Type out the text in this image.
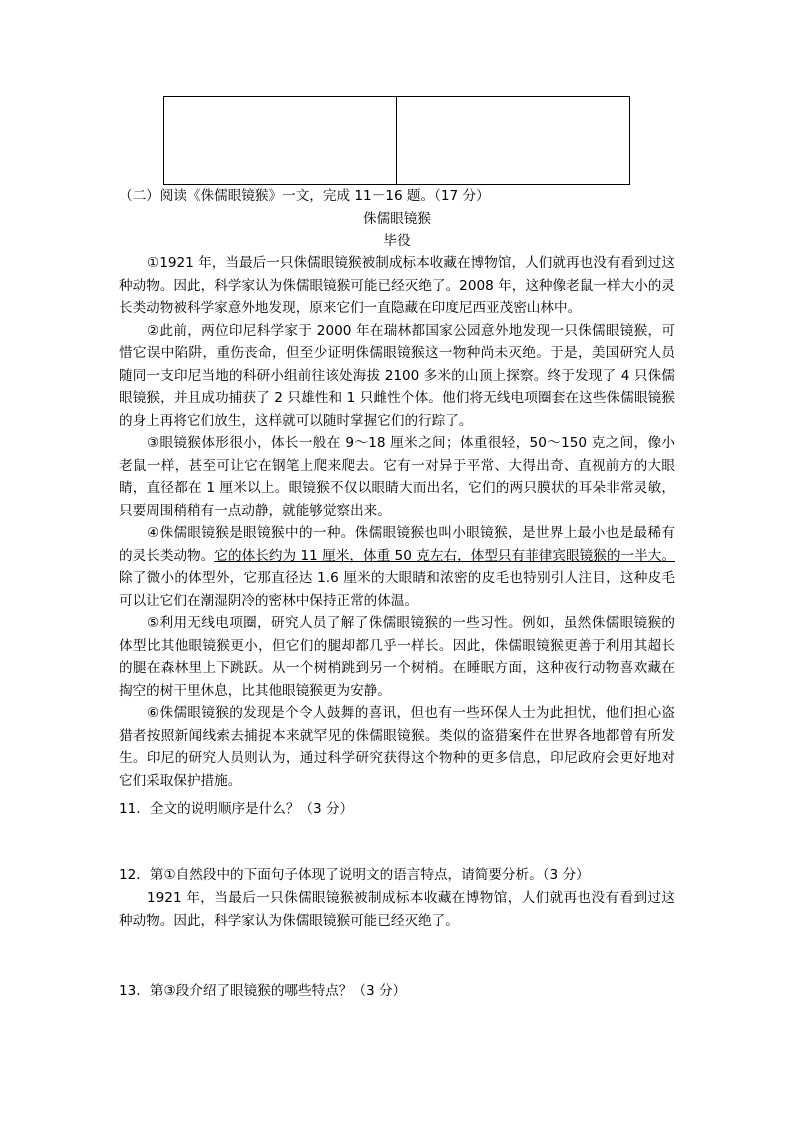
（二）阅读《侏儒眼镜猴》一文，完成 11－16 题。（17 分）
侏儒眼镜猴
毕役

①1921 年，当最后一只侏儒眼镜猴被制成标本收藏在博物馆，人们就再也没有看到过这种动物。因此，科学家认为侏儒眼镜猴可能已经灭绝了。2008 年，这种像老鼠一样大小的灵长类动物被科学家意外地发现，原来它们一直隐藏在印度尼西亚茂密山林中。

②此前，两位印尼科学家于 2000 年在瑞林都国家公园意外地发现一只侏儒眼镜猴，可惜它误中陷阱，重伤丧命，但至少证明侏儒眼镜猴这一物种尚未灭绝。于是，美国研究人员随同一支印尼当地的科研小组前往该处海拔 2100 多米的山顶上探察。终于发现了 4 只侏儒眼镜猴，并且成功捕获了 2 只雄性和 1 只雌性个体。他们将无线电项圈套在这些侏儒眼镜猴的身上再将它们放生，这样就可以随时掌握它们的行踪了。

③眼镜猴体形很小，体长一般在 9～18 厘米之间；体重很轻，50～150 克之间，像小老鼠一样，甚至可让它在钢笔上爬来爬去。它有一对异于平常、大得出奇、直视前方的大眼睛，直径都在 1 厘米以上。眼镜猴不仅以眼睛大而出名，它们的两只膜状的耳朵非常灵敏，只要周围稍稍有一点动静，就能够觉察出来。

④侏儒眼镜猴是眼镜猴中的一种。侏儒眼镜猴也叫小眼镜猴，是世界上最小也是最稀有的灵长类动物。它的体长约为 11 厘米，体重 50 克左右，体型只有菲律宾眼镜猴的一半大。除了微小的体型外，它那直径达 1.6 厘米的大眼睛和浓密的皮毛也特别引人注目，这种皮毛可以让它们在潮湿阴冷的密林中保持正常的体温。

⑤利用无线电项圈，研究人员了解了侏儒眼镜猴的一些习性。例如，虽然侏儒眼镜猴的体型比其他眼镜猴更小，但它们的腿却都几乎一样长。因此，侏儒眼镜猴更善于利用其超长的腿在森林里上下跳跃。从一个树梢跳到另一个树梢。在睡眠方面，这种夜行动物喜欢藏在掏空的树干里休息，比其他眼镜猴更为安静。

⑥侏儒眼镜猴的发现是个令人鼓舞的喜讯，但也有一些环保人士为此担忧，他们担心盗猎者按照新闻线索去捕捉本来就罕见的侏儒眼镜猴。类似的盗猎案件在世界各地都曾有所发生。印尼的研究人员则认为，通过科学研究获得这个物种的更多信息，印尼政府会更好地对它们采取保护措施。

11．全文的说明顺序是什么？（3 分）
12．第①自然段中的下面句子体现了说明文的语言特点，请简要分析。（3 分）

1921 年，当最后一只侏儒眼镜猴被制成标本收藏在博物馆，人们就再也没有看到过这种动物。因此，科学家认为侏儒眼镜猴可能已经灭绝了。

13．第③段介绍了眼镜猴的哪些特点？（3 分）
